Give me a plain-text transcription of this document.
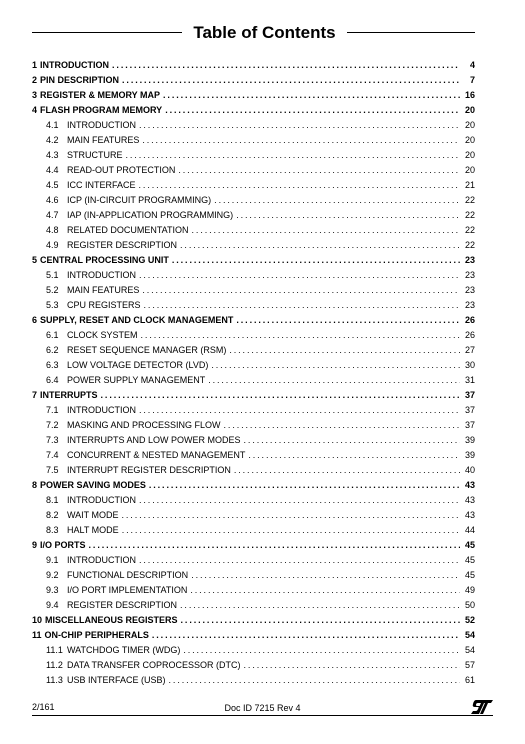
Table of Contents
1 INTRODUCTION . . .	4
2 PIN DESCRIPTION . . .	7
3 REGISTER & MEMORY MAP . . .	16
4 FLASH PROGRAM MEMORY . . .	20
4.1 INTRODUCTION . . .	20
4.2 MAIN FEATURES . . .	20
4.3 STRUCTURE . . .	20
4.4 READ-OUT PROTECTION . . .	20
4.5 ICC INTERFACE . . .	21
4.6 ICP (IN-CIRCUIT PROGRAMMING) . . .	22
4.7 IAP (IN-APPLICATION PROGRAMMING) . . .	22
4.8 RELATED DOCUMENTATION . . .	22
4.9 REGISTER DESCRIPTION . . .	22
5 CENTRAL PROCESSING UNIT . . .	23
5.1 INTRODUCTION . . .	23
5.2 MAIN FEATURES . . .	23
5.3 CPU REGISTERS . . .	23
6 SUPPLY, RESET AND CLOCK MANAGEMENT . . .	26
6.1 CLOCK SYSTEM . . .	26
6.2 RESET SEQUENCE MANAGER (RSM) . . .	27
6.3 LOW VOLTAGE DETECTOR (LVD) . . .	30
6.4 POWER SUPPLY MANAGEMENT . . .	31
7 INTERRUPTS . . .	37
7.1 INTRODUCTION . . .	37
7.2 MASKING AND PROCESSING FLOW . . .	37
7.3 INTERRUPTS AND LOW POWER MODES . . .	39
7.4 CONCURRENT & NESTED MANAGEMENT . . .	39
7.5 INTERRUPT REGISTER DESCRIPTION . . .	40
8 POWER SAVING MODES . . .	43
8.1 INTRODUCTION . . .	43
8.2 WAIT MODE . . .	43
8.3 HALT MODE . . .	44
9 I/O PORTS . . .	45
9.1 INTRODUCTION . . .	45
9.2 FUNCTIONAL DESCRIPTION . . .	45
9.3 I/O PORT IMPLEMENTATION . . .	49
9.4 REGISTER DESCRIPTION . . .	50
10 MISCELLANEOUS REGISTERS . . .	52
11 ON-CHIP PERIPHERALS . . .	54
11.1 WATCHDOG TIMER (WDG) . . .	54
11.2 DATA TRANSFER COPROCESSOR (DTC) . . .	57
11.3 USB INTERFACE (USB) . . .	61
2/161	Doc ID 7215 Rev 4
